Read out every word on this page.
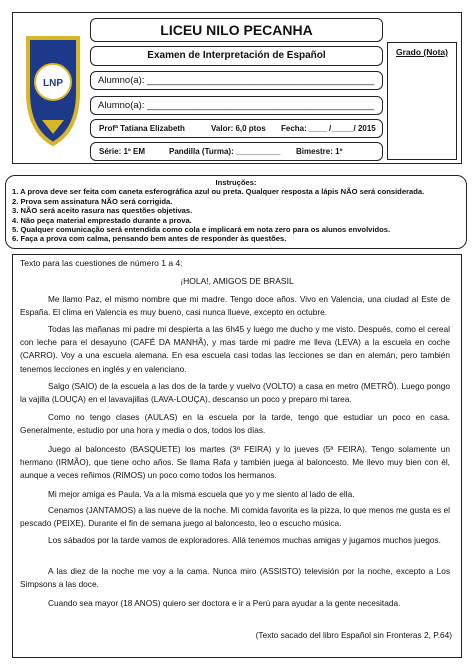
LNP
LICEU NILO PECANHA
Examen de Interpretación de Español	Grado (Nota)
Alumno(a): ___________________________________________
Alumno(a): ___________________________________________
Profª Tatiana Elizabeth	Valor: 6,0 ptos Fecha: ____ /_____/ 2015
Série: 1º EM	Pandilla (Turma): __________ Bimestre: 1º
Instruções:
1. A prova deve ser feita com caneta esferográfica azul ou preta. Qualquer resposta a lápis NÃO será considerada.
2. Prova sem assinatura NÃO será corrigida.
3. NÃO será aceito rasura nas questões objetivas.
4. Não peça material emprestado durante a prova.
5. Qualquer comunicação será entendida como cola e implicará em nota zero para os alunos envolvidos.
6. Faça a prova com calma, pensando bem antes de responder às questões.
Texto para las cuestiones de número 1 a 4:
¡HOLA!, AMIGOS DE BRASIL
Me llamo Paz, el mismo nombre que mi madre. Tengo doce años. Vivo en Valencia, una ciudad al Este de España. El clima en Valencia es muy bueno, casi nunca llueve, excepto en octubre.
Todas las mañanas mi padre mi despierta a las 6h45 y luego me ducho y me visto. Después, como el cereal con leche para el desayuno (CAFÉ DA MANHÃ), y mas tarde mi padre me lleva (LEVA) a la escuela en coche (CARRO). Voy a una escuela alemana. En esa escuela casi todas las lecciones se dan en alemán, pero también tenemos lecciones en inglés y en valenciano.
Salgo (SAIO) de la escuela a las dos de la tarde y vuelvo (VOLTO) a casa en metro (METRÔ). Luego pongo la vajilla (LOUÇA) en el lavavajillas (LAVA-LOUÇA), descanso un poco y preparo mi tarea.
Como no tengo clases (AULAS) en la escuela por la tarde, tengo que estudiar un poco en casa. Generalmente, estudio por una hora y media o dos, todos los días.
Juego al baloncesto (BASQUETE) los martes (3ª FEIRA) y lo jueves (5ª FEIRA). Tengo solamente un hermano (IRMÃO), que tiene ocho años. Se llama Rafa y también juega al baloncesto. Me llevo muy bien con él, aunque a veces reñimos (RIMOS) un poco como todos los hermanos.
Mi mejor amiga es Paula. Va a la misma escuela que yo y me siento al lado de ella.
Cenamos (JANTAMOS) a las nueve de la noche. Mi comida favorita es la pizza, lo que menos me gusta es el pescado (PEIXE). Durante el fin de semana juego al baloncesto, leo o escucho música.
Los sábados por la tarde vamos de exploradores. Allá tenemos muchas amigas y jugamos muchos juegos.
A las diez de la noche me voy a la cama. Nunca miro (ASSISTO) televisión por la noche, excepto a Los Simpsons a las doce.
Cuando sea mayor (18 ANOS) quiero ser doctora e ir a Perú para ayudar a la gente necesitada.
(Texto sacado del libro Español sin Fronteras 2, P.64)
